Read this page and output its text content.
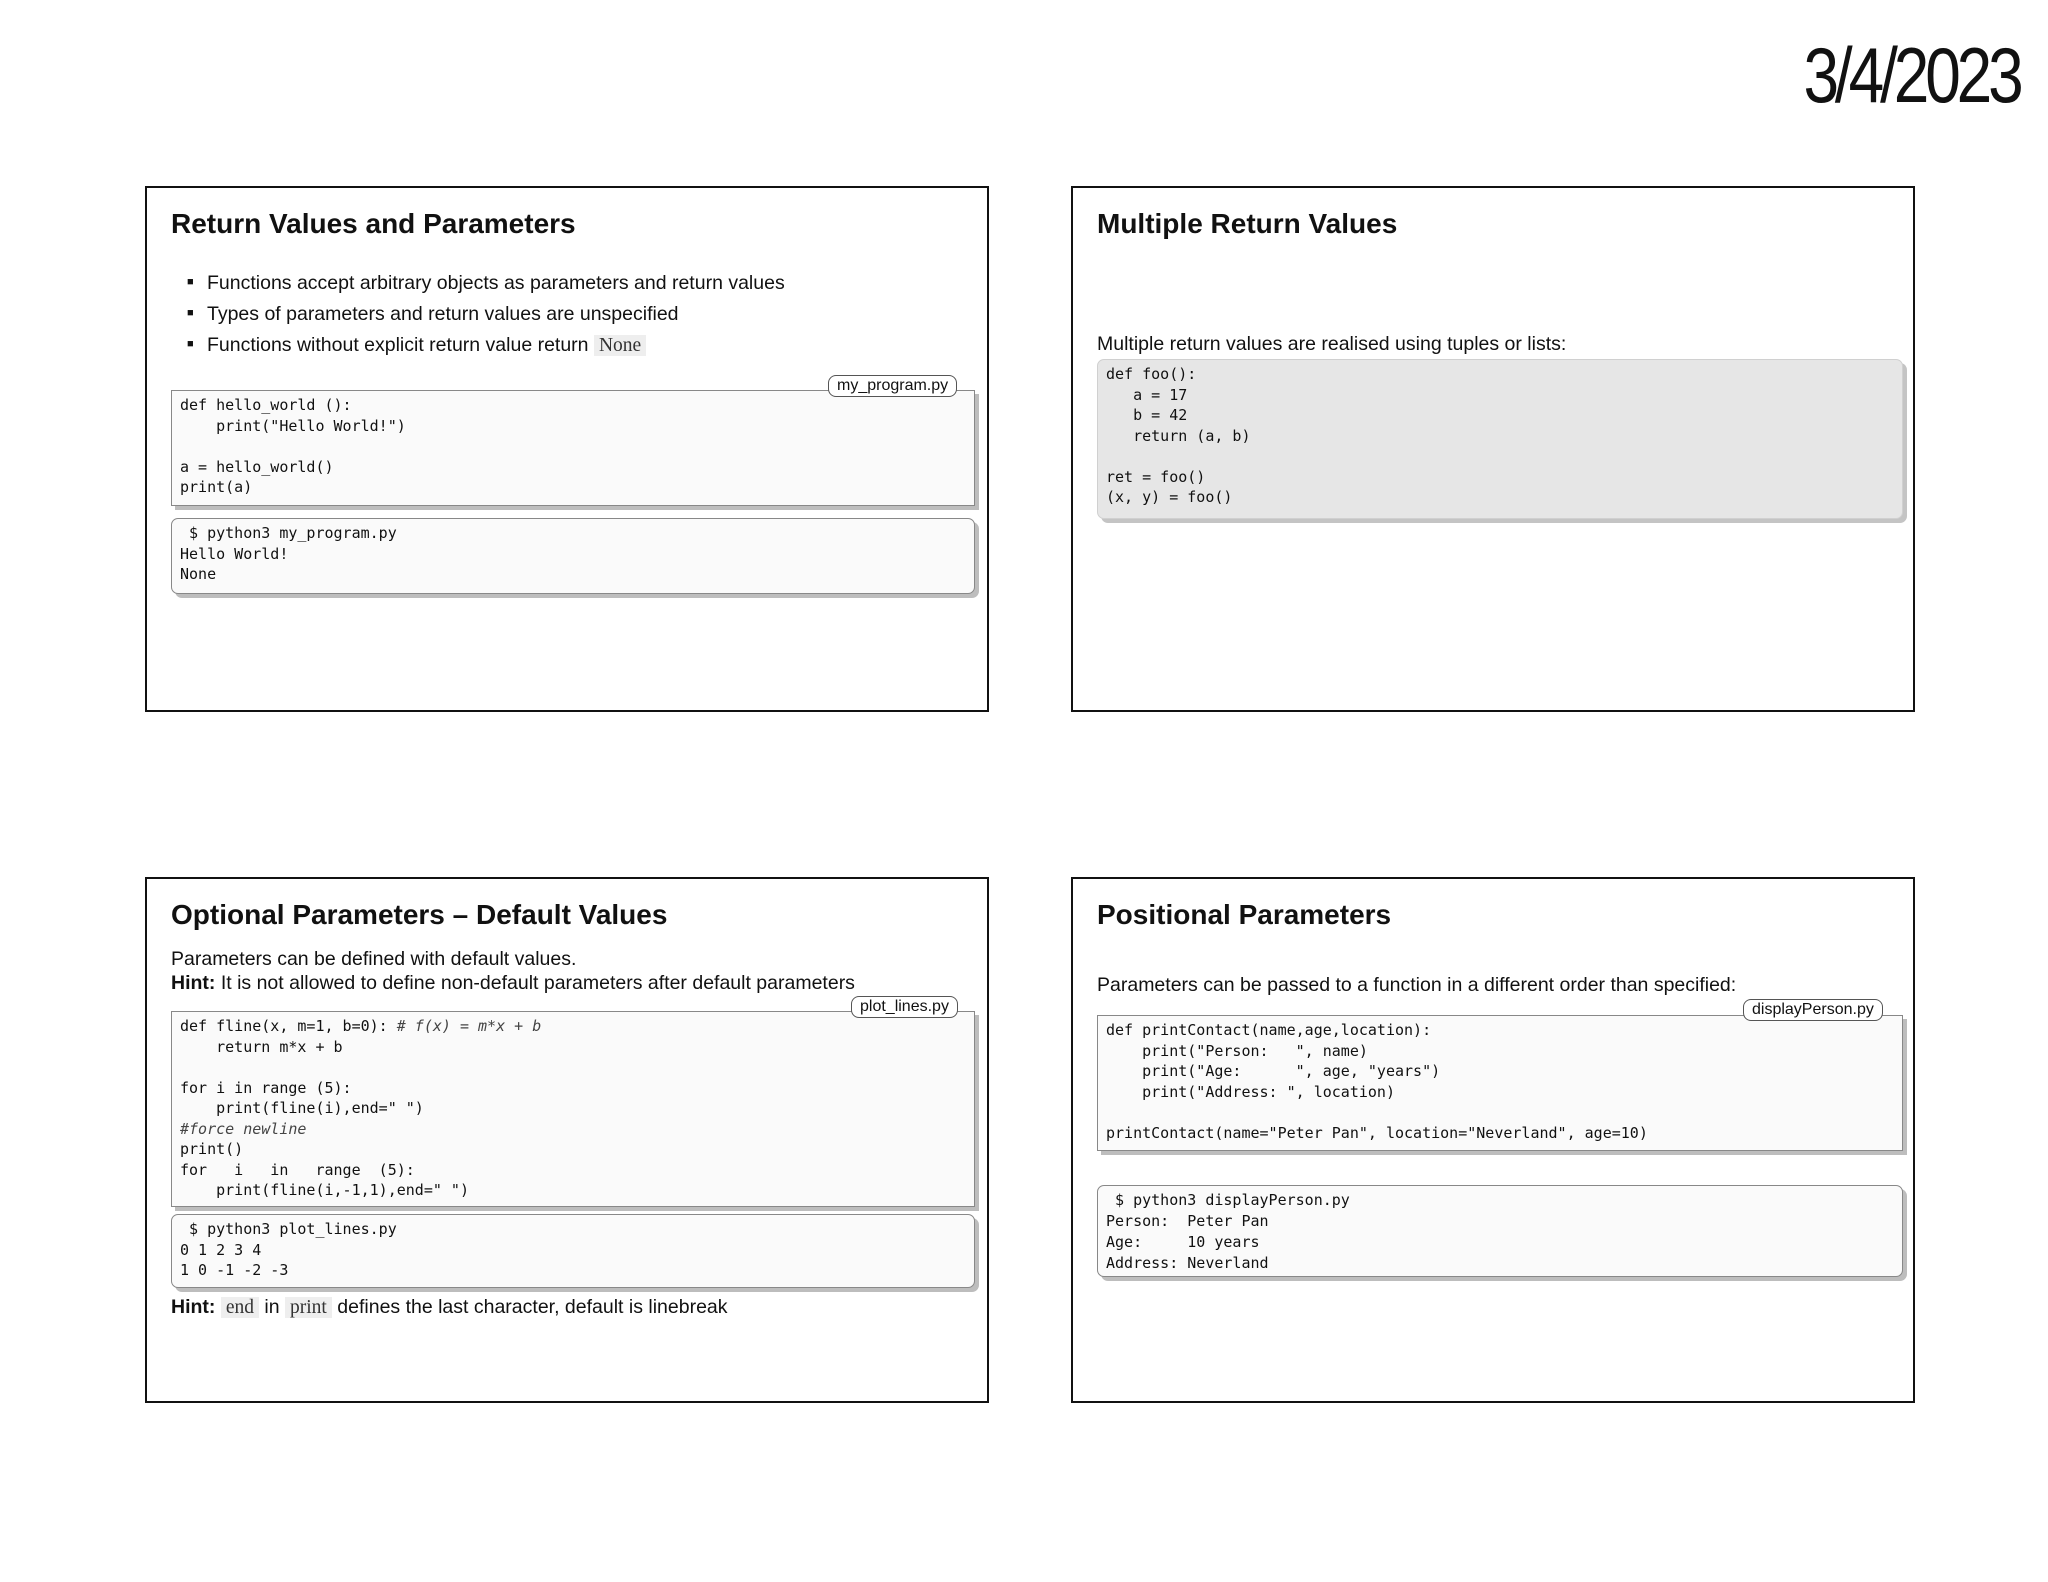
3/4/2023
Return Values and Parameters
■ Functions accept arbitrary objects as parameters and return values
■ Types of parameters and return values are unspecified
■ Functions without explicit return value return None
def hello_world ():
print("Hello World!")

a = hello_world()
print(a)
my_program.py
$ python3 my_program.py
Hello World!
None
Multiple Return Values
Multiple return values are realised using tuples or lists:
def foo():
a = 17
b = 42
return (a, b)

ret = foo()
(x, y) = foo()
Optional Parameters – Default Values
Parameters can be defined with default values.
Hint: It is not allowed to define non-default parameters after default parameters
def fline(x, m=1, b=0): # f(x) = m*x + b
return m*x + b

for i in range (5):
print(fline(i),end=" ")
#force newline
print()
for   i   in   range  (5):
print(fline(i,-1,1),end=" ")
plot_lines.py
$ python3 plot_lines.py
0 1 2 3 4
1 0 -1 -2 -3
Hint: end in print defines the last character, default is linebreak
Positional Parameters
Parameters can be passed to a function in a different order than specified:
def printContact(name,age,location):
print("Person:   ", name)
print("Age:      ", age, "years")
print("Address: ", location)

printContact(name="Peter Pan", location="Neverland", age=10)
displayPerson.py
$ python3 displayPerson.py
Person:  Peter Pan
Age:     10 years
Address: Neverland
